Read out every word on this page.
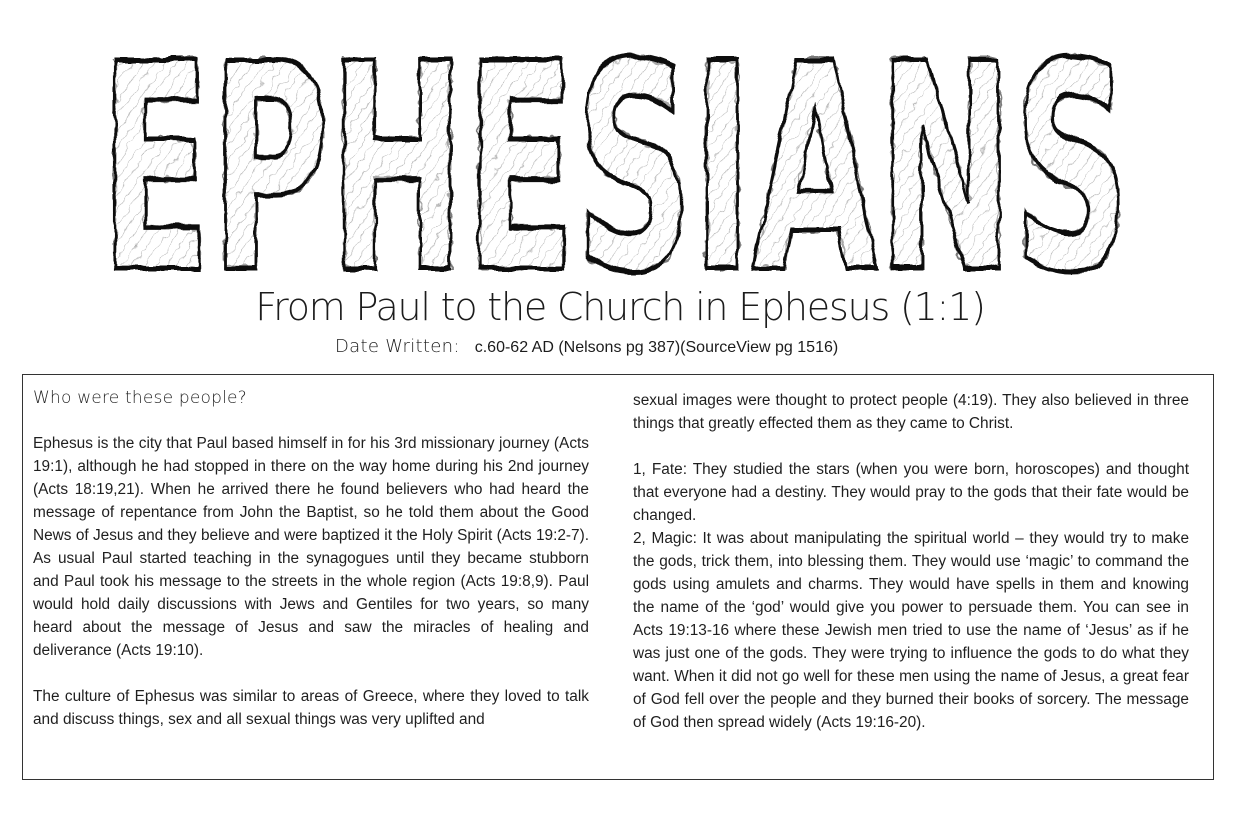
EPHESIANS
EPHESIANS
From Paul to the Church in Ephesus (1:1)
Date Written: c.60-62 AD (Nelsons pg 387)(SourceView pg 1516)
Who were these people?

Ephesus is the city that Paul based himself in for his 3rd missionary journey (Acts 19:1), although he had stopped in there on the way home during his 2nd journey (Acts 18:19,21). When he arrived there he found believers who had heard the message of repentance from John the Baptist, so he told them about the Good News of Jesus and they believe and were baptized it the Holy Spirit (Acts 19:2-7). As usual Paul started teaching in the synagogues until they became stubborn and Paul took his message to the streets in the whole region (Acts 19:8,9). Paul would hold daily discussions with Jews and Gentiles for two years, so many heard about the message of Jesus and saw the miracles of healing and deliverance (Acts 19:10).

The culture of Ephesus was similar to areas of Greece, where they loved to talk and discuss things, sex and all sexual things was very uplifted and

sexual images were thought to protect people (4:19). They also believed in three things that greatly effected them as they came to Christ.

1, Fate: They studied the stars (when you were born, horoscopes) and thought that everyone had a destiny. They would pray to the gods that their fate would be changed.

2, Magic: It was about manipulating the spiritual world – they would try to make the gods, trick them, into blessing them. They would use ‘magic’ to command the gods using amulets and charms. They would have spells in them and knowing the name of the ‘god’ would give you power to persuade them. You can see in Acts 19:13-16 where these Jewish men tried to use the name of ‘Jesus’ as if he was just one of the gods. They were trying to influence the gods to do what they want. When it did not go well for these men using the name of Jesus, a great fear of God fell over the people and they burned their books of sorcery. The message of God then spread widely (Acts 19:16-20).
